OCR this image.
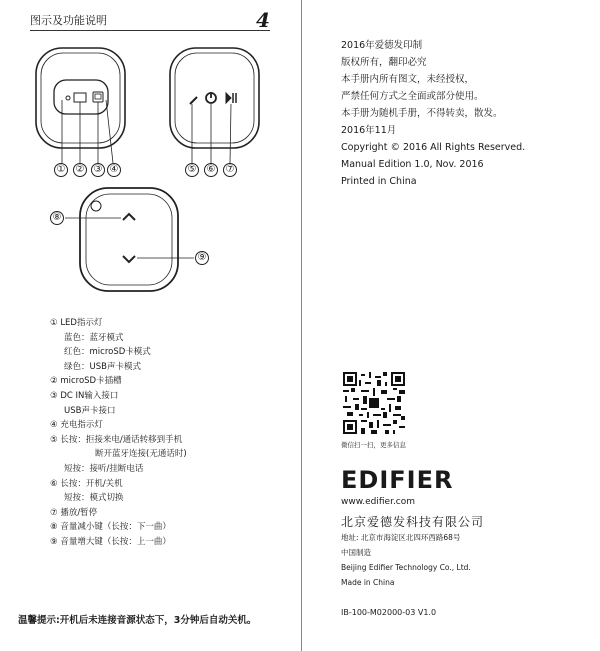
图示及功能说明	4
① ② ③ ④	⑤ ⑥ ⑦
⑧
⑨
① LED指示灯
蓝色：蓝牙模式
红色：microSD卡模式
绿色：USB声卡模式
② microSD卡插槽
③ DC IN输入接口
USB声卡接口
④ 充电指示灯
⑤ 长按：拒接来电/通话转移到手机
断开蓝牙连接(无通话时)
短按：接听/挂断电话
⑥ 长按：开机/关机
短按：模式切换
⑦ 播放/暂停
⑧ 音量减小键（长按：下一曲）
⑨ 音量增大键（长按：上一曲）
温馨提示:开机后未连接音源状态下，3分钟后自动关机。
2016年爱德发印制
版权所有，翻印必究
本手册内所有图文，未经授权，
严禁任何方式之全面或部分使用。
本手册为随机手册，不得转卖，散发。
2016年11月
Copyright © 2016 All Rights Reserved.
Manual Edition 1.0, Nov. 2016
Printed in China
微信扫一扫，更多信息
EDIFIER
www.edifier.com
北京爱德发科技有限公司
地址: 北京市海淀区北四环西路68号
中国制造
Beijing Edifier Technology Co., Ltd.
Made in China
IB-100-M02000-03 V1.0
